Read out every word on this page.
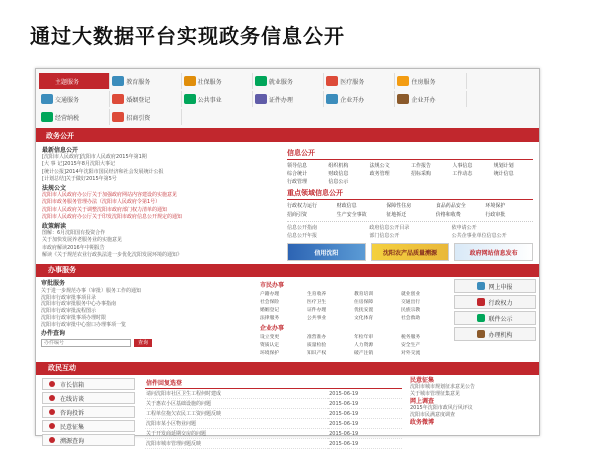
通过大数据平台实现政务信息公开
主题服务	教育服务	社保服务	就业服务	医疗服务	住房服务
交通服务	婚姻登记	公共事业	证件办理	企业开办	企业开办
经营纳税	招商引资
政务公开
最新信息公开
[沈阳市人民政府]沈阳市人民政府2015年第1期
[大 事 记]2015年8月沈阳大事记
[统计公报]2014年沈阳市国民经济和社会发展统计公报
[计划总结]关于做好2015年第5号
法规公文
沈阳市人民政府办公厅关于加强政府网站内容建设的实施意见
沈阳市政务服务管理办法（沈阳市人民政府令第1号）
沈阳市人民政府关于调整沈阳市政府部门权力清单的通知
沈阳市人民政府办公厅关于印发沈阳市政府信息公开规定的通知
政策解读
图解：6月沈阳国有投资合作
关于加快发展养老服务业的实施意见
市政府解读2016年中期报告
解读《关于规范农业行政执法进一步优化沈阳发展环境的通知》
信息公开
领导信息	组织机构	法规公文	工作报告	人事信息	规划计划
综合统计	财政信息	政务管理	招标采购	工作动态	统计信息
行政管理	信息公示
重点领域信息公开
行政权力运行	财政信息	保障性住房	食品药品安全	环境保护
招商引资	生产安全事故	征地拆迁	价格和收费	行政审批
信息公开指南	政府信息公开目录	依申请公开
信息公开年报	部门信息公开	公共企事业单位信息公开
信用沈阳	沈阳农产品质量溯源	政府网站信息发布
办事服务
审批服务
关于进一步规范办事（审批）服务工作的通知
沈阳市行政审批事项目录
沈阳市行政审批服务中心办事指南
沈阳市行政审批流程图示
沈阳市行政审批事项办理时限
沈阳市行政审批中心窗口办理事项一览
办件查询
办件编号
查询
市民办事
户籍办理	生育收养	教育培训	就业创业
社会保险	医疗卫生	住房保障	交通出行
婚姻登记	证件办理	优抚安置	民族宗教
法律服务	公共事业	文化体育	社会救助
企业办事
设立变更	准营准办	年检年审	税务服务
资质认定	质量检验	人力资源	安全生产
环境保护	知识产权	破产注销	对外交流
网上申报
行政权力
联件公示
办理机构
政民互动
市长信箱
在线访谈
咨询投诉
民意征集
溯源查询
信件回复选登	
请问沈阳市社区卫生工程何时建成	2015-06-19
关于惠农小区基础设施的问题	2015-06-19
工程单位拖欠农民工工资问题反映	2015-06-19
沈阳市某小区物业问题	2015-06-19
关于开发商延期交房的问题	2015-06-19
沈阳市城市管理问题反映	2015-06-19
民意征集
沈阳市城市规划征求意见公告
关于城市管理征集意见
网上调查
2015年沈阳市政风行风评议
沈阳市民满意度调查
政务微博
